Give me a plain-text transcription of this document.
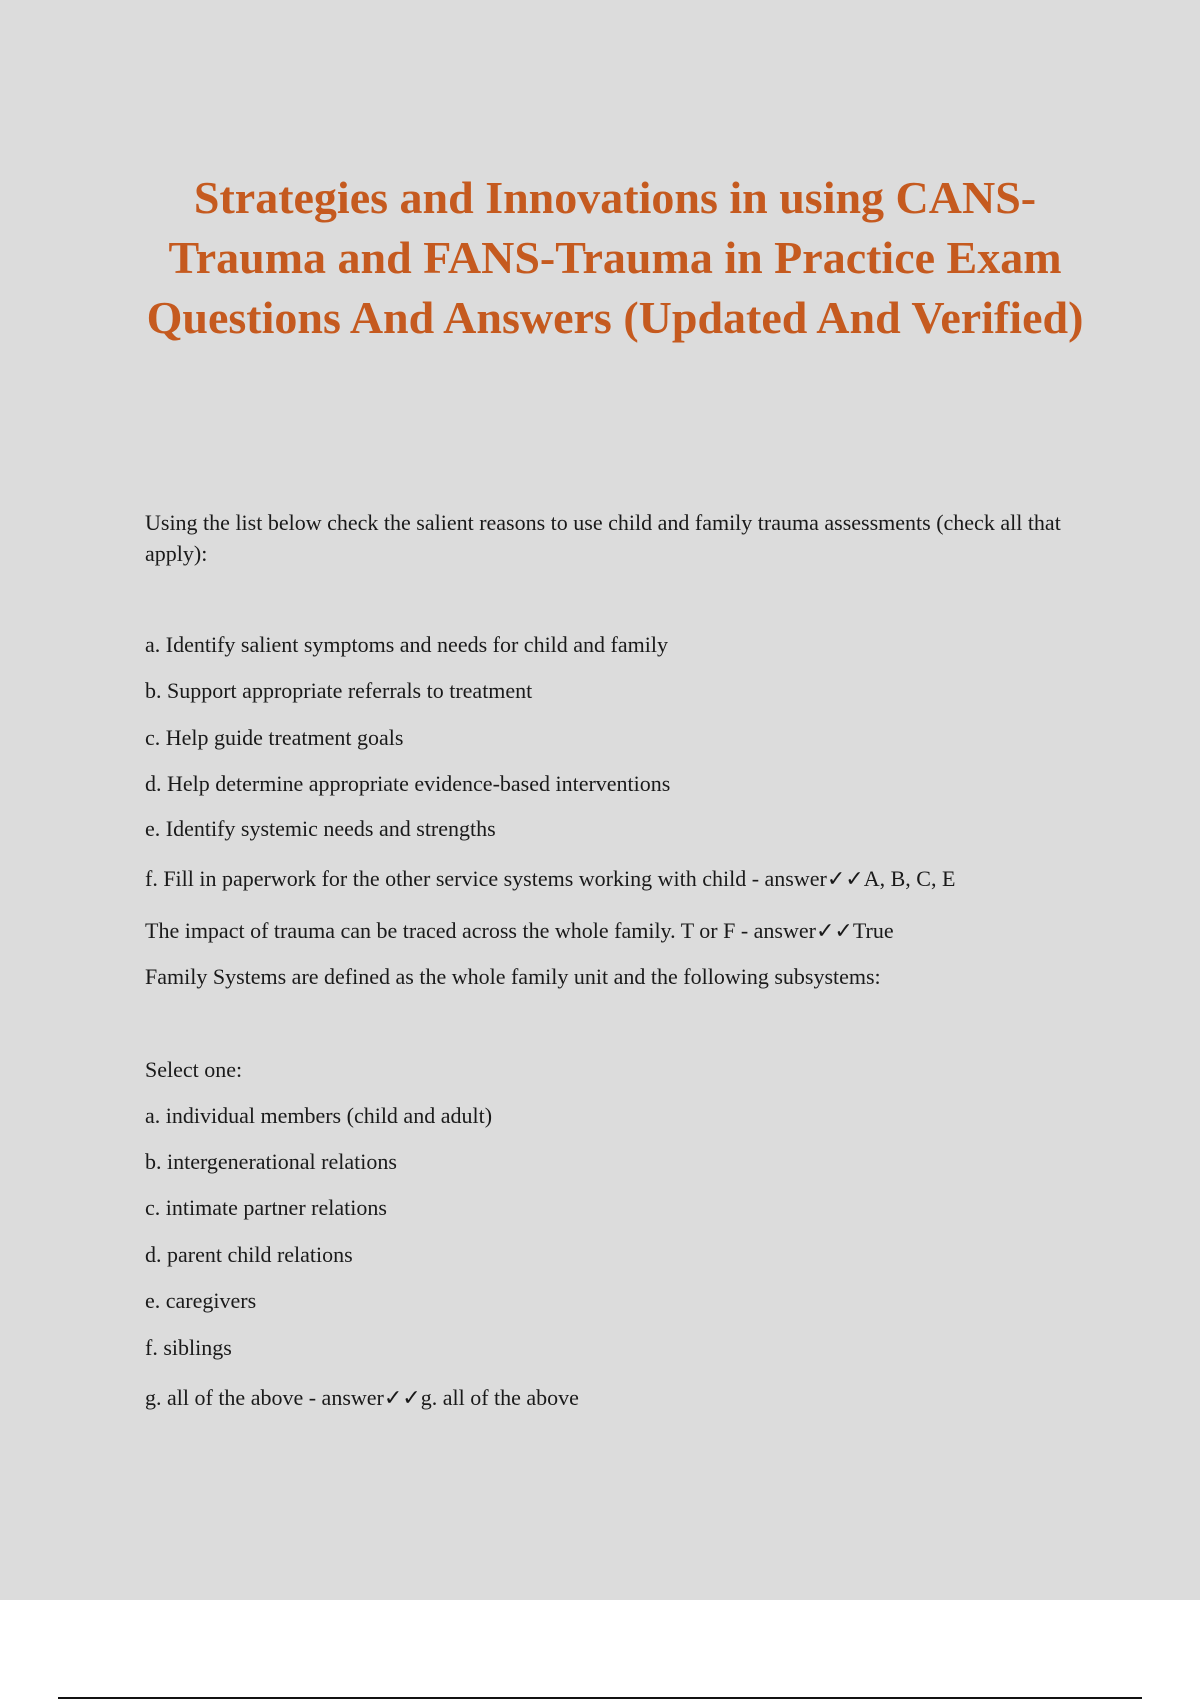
Strategies and Innovations in using CANS-Trauma and FANS-Trauma in Practice Exam Questions And Answers (Updated And Verified)

Using the list below check the salient reasons to use child and family trauma assessments (check all that apply):

a. Identify salient symptoms and needs for child and family

b. Support appropriate referrals to treatment

c. Help guide treatment goals

d. Help determine appropriate evidence-based interventions

e. Identify systemic needs and strengths

f. Fill in paperwork for the other service systems working with child - answer✓✓A, B, C, E

The impact of trauma can be traced across the whole family. T or F - answer✓✓True

Family Systems are defined as the whole family unit and the following subsystems:

Select one:

a. individual members (child and adult)

b. intergenerational relations

c. intimate partner relations

d. parent child relations

e. caregivers

f. siblings

g. all of the above - answer✓✓g. all of the above
